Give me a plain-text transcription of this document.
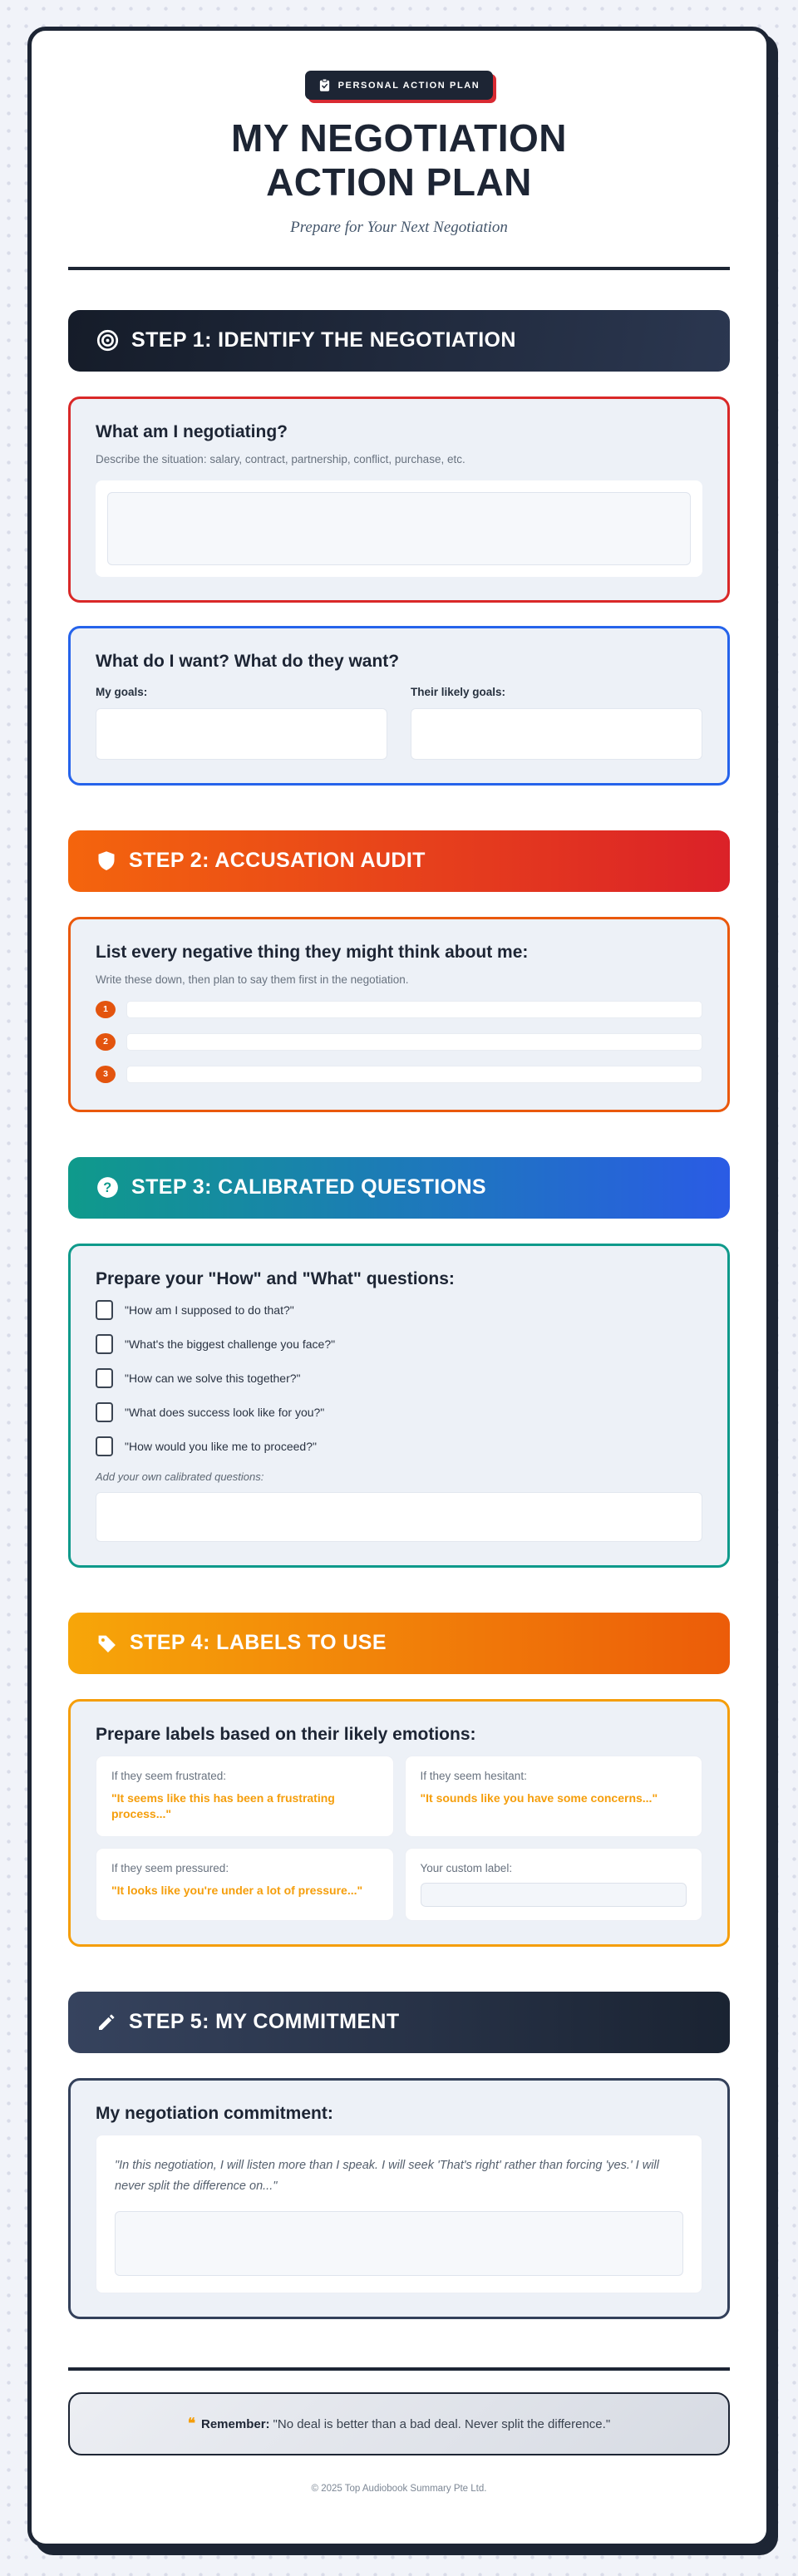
PERSONAL ACTION PLAN
MY NEGOTIATION
ACTION PLAN

Prepare for Your Next Negotiation

STEP 1: IDENTIFY THE NEGOTIATION
What am I negotiating?

Describe the situation: salary, contract, partnership, conflict, purchase, etc.

What do I want? What do they want?

My goals:	Their likely goals:

STEP 2: ACCUSATION AUDIT
List every negative thing they might think about me:

Write these down, then plan to say them first in the negotiation.

1
2
3
? STEP 3: CALIBRATED QUESTIONS
Prepare your "How" and "What" questions:
"How am I supposed to do that?"
"What's the biggest challenge you face?"
"How can we solve this together?"
"What does success look like for you?"
"How would you like me to proceed?"

Add your own calibrated questions:

STEP 4: LABELS TO USE
Prepare labels based on their likely emotions:

If they seem frustrated:

"It seems like this has been a frustrating process..."

If they seem hesitant:

"It sounds like you have some concerns..."

If they seem pressured:

"It looks like you're under a lot of pressure..."

Your custom label:

STEP 5: MY COMMITMENT
My negotiation commitment:

"In this negotiation, I will listen more than I speak. I will seek 'That's right' rather than forcing 'yes.' I will never split the difference on..."

❝ Remember: "No deal is better than a bad deal. Never split the difference."

© 2025 Top Audiobook Summary Pte Ltd.
